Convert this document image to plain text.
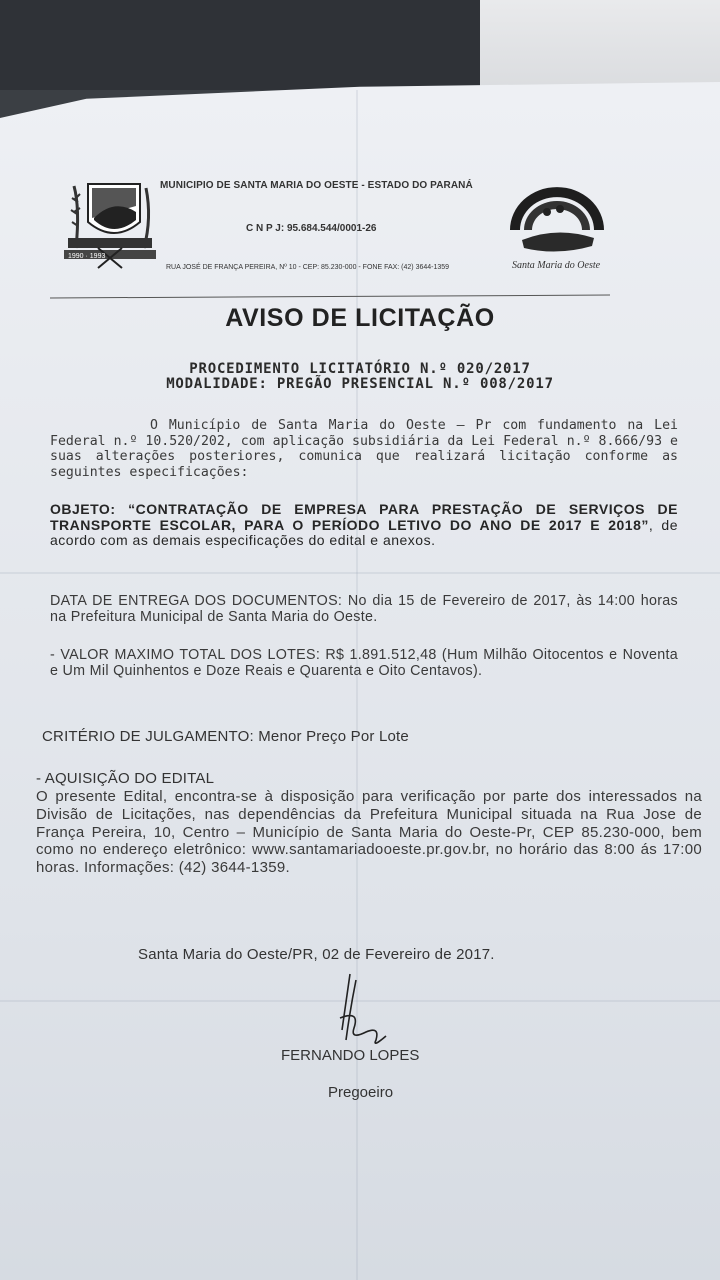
1990 · 1993
MUNICIPIO DE SANTA MARIA DO OESTE - ESTADO DO PARANÁ
C N P J: 95.684.544/0001-26
RUA JOSÉ DE FRANÇA PEREIRA, Nº 10 - CEP: 85.230-000 - FONE FAX: (42) 3644-1359	Santa Maria do Oeste
AVISO DE LICITAÇÃO
PROCEDIMENTO LICITATÓRIO N.º 020/2017
MODALIDADE: PREGÃO PRESENCIAL N.º 008/2017
O Município de Santa Maria do Oeste – Pr com fundamento na Lei Federal n.º 10.520/202, com aplicação subsidiária da Lei Federal n.º 8.666/93 e suas alterações posteriores, comunica que realizará licitação conforme as seguintes especificações:
OBJETO: “CONTRATAÇÃO DE EMPRESA PARA PRESTAÇÃO DE SERVIÇOS DE TRANSPORTE ESCOLAR, PARA O PERÍODO LETIVO DO ANO DE 2017 E 2018”, de acordo com as demais especificações do edital e anexos.
DATA DE ENTREGA DOS DOCUMENTOS: No dia 15 de Fevereiro de 2017, às 14:00 horas na Prefeitura Municipal de Santa Maria do Oeste.
- VALOR MAXIMO TOTAL DOS LOTES: R$ 1.891.512,48 (Hum Milhão Oitocentos e Noventa e Um Mil Quinhentos e Doze Reais e Quarenta e Oito Centavos).
CRITÉRIO DE JULGAMENTO: Menor Preço Por Lote
- AQUISIÇÃO DO EDITAL
O presente Edital, encontra-se à disposição para verificação por parte dos interessados na Divisão de Licitações, nas dependências da Prefeitura Municipal situada na Rua Jose de França Pereira, 10, Centro – Município de Santa Maria do Oeste-Pr, CEP 85.230-000, bem como no endereço eletrônico: www.santamariadooeste.pr.gov.br, no horário das 8:00 ás 17:00 horas. Informações: (42) 3644-1359.
Santa Maria do Oeste/PR, 02 de Fevereiro de 2017.
FERNANDO LOPES
Pregoeiro
